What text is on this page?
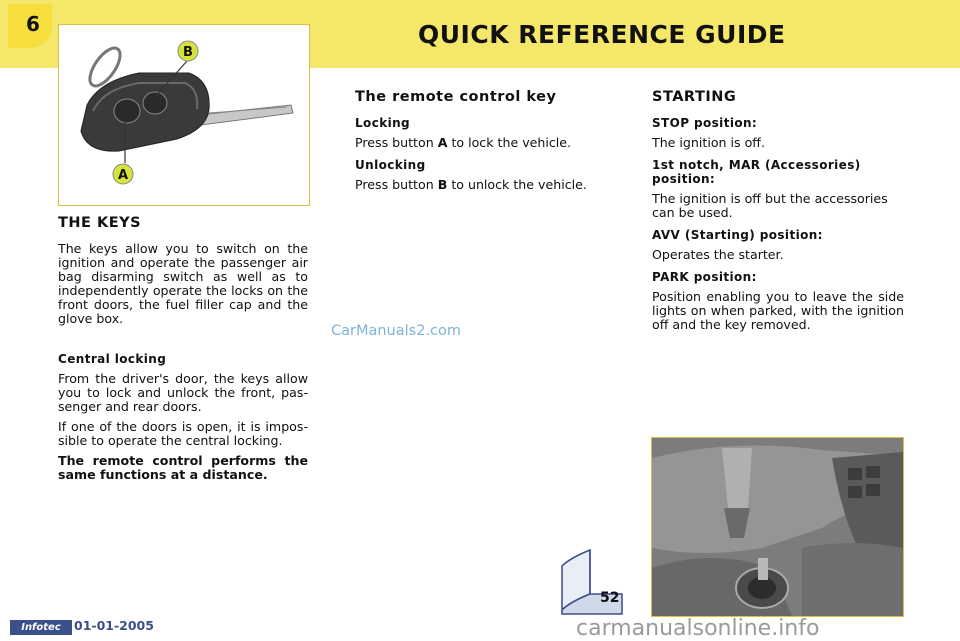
6	QUICK REFERENCE GUIDE
B
A
THE KEYS

The keys allow you to switch on the ignition and operate the passenger air bag disarming switch as well as to independently operate the locks on the front doors, the fuel filler cap and the glove box.

Central locking

From the driver's door, the keys allow you to lock and unlock the front, pas-senger and rear doors.

If one of the doors is open, it is impos-sible to operate the central locking.

The remote control performs the same functions at a distance.

The remote control key

Locking

Press button A to lock the vehicle.

Unlocking

Press button B to unlock the vehicle.

CarManuals2.com
STARTING

STOP position:

The ignition is off.

1st notch, MAR (Accessories) position:

The ignition is off but the accessories can be used.

AVV (Starting) position:

Operates the starter.

PARK position:

Position enabling you to leave the side lights on when parked, with the ignition off and the key removed.

52
Infotec	01-01-2005	carmanualsonline.info
